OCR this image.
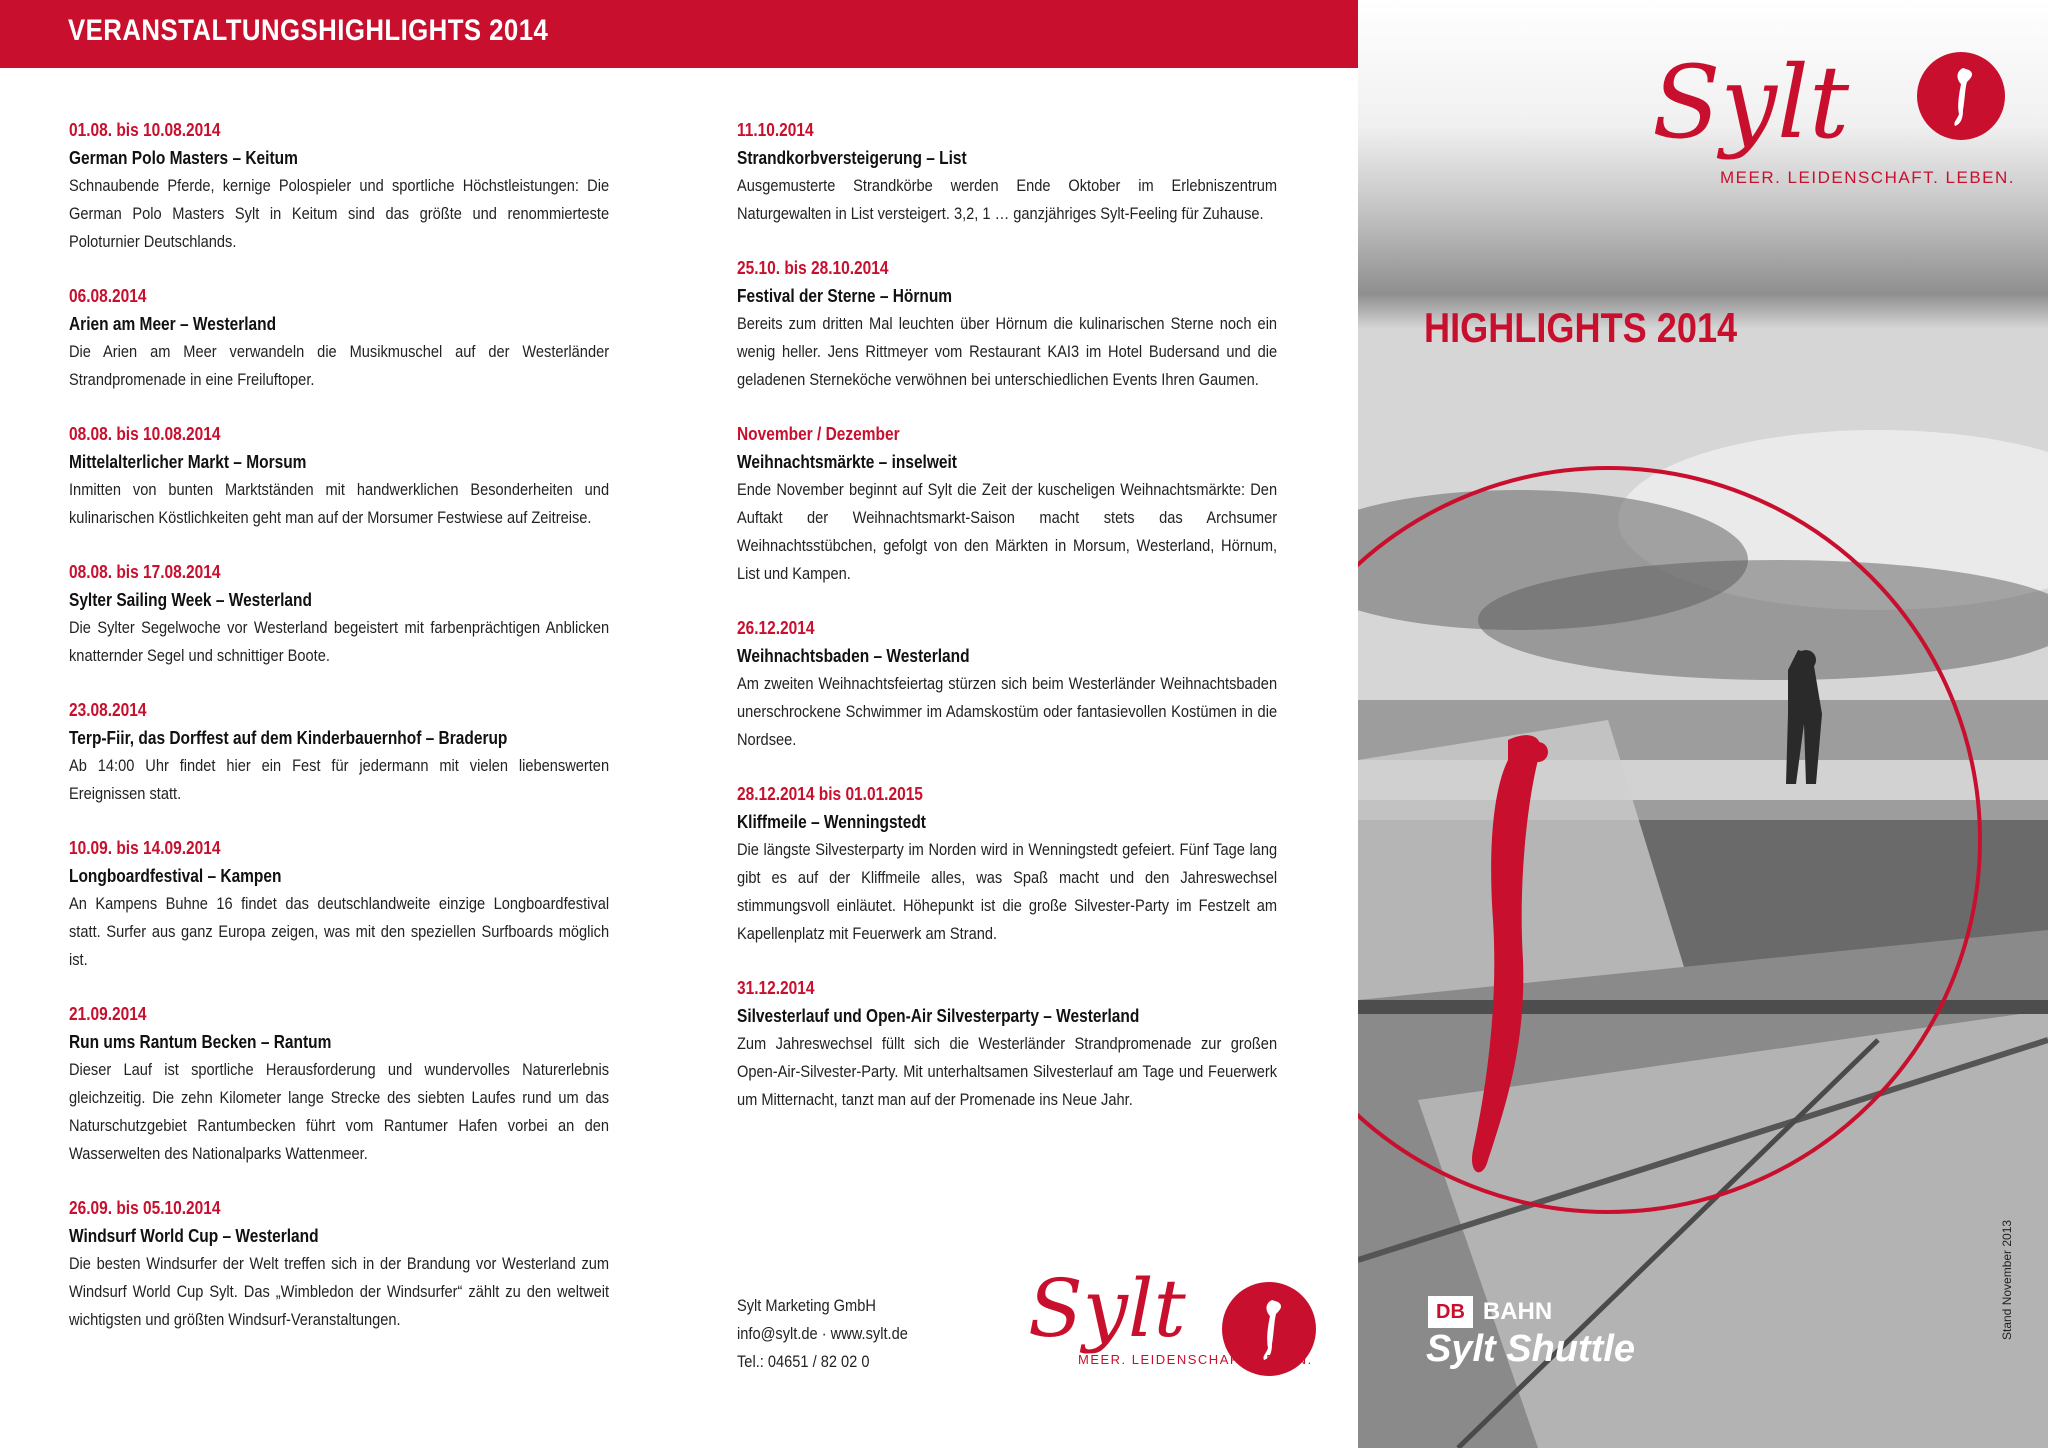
VERANSTALTUNGSHIGHLIGHTS 2014
01.08. bis 10.08.2014
German Polo Masters – Keitum
Schnaubende Pferde, kernige Polospieler und sportliche Höchstleistungen: Die German Polo Masters Sylt in Keitum sind das größte und renommierteste Poloturnier Deutschlands.
06.08.2014
Arien am Meer – Westerland
Die Arien am Meer verwandeln die Musikmuschel auf der Westerländer Strandpromenade in eine Freiluftoper.
08.08. bis 10.08.2014
Mittelalterlicher Markt – Morsum
Inmitten von bunten Marktständen mit handwerklichen Besonderheiten und kulinarischen Köstlichkeiten geht man auf der Morsumer Festwiese auf Zeitreise.
08.08. bis 17.08.2014
Sylter Sailing Week – Westerland
Die Sylter Segelwoche vor Westerland begeistert mit farbenprächtigen Anblicken knatternder Segel und schnittiger Boote.
23.08.2014
Terp-Fiir, das Dorffest auf dem Kinderbauernhof – Braderup
Ab 14:00 Uhr findet hier ein Fest für jedermann mit vielen liebenswerten Ereignissen statt.
10.09. bis 14.09.2014
Longboardfestival – Kampen
An Kampens Buhne 16 findet das deutschlandweite einzige Longboardfestival statt. Surfer aus ganz Europa zeigen, was mit den speziellen Surfboards möglich ist.
21.09.2014
Run ums Rantum Becken – Rantum
Dieser Lauf ist sportliche Herausforderung und wundervolles Naturerlebnis gleichzeitig. Die zehn Kilometer lange Strecke des siebten Laufes rund um das Naturschutzgebiet Rantumbecken führt vom Rantumer Hafen vorbei an den Wasserwelten des Nationalparks Wattenmeer.
26.09. bis 05.10.2014
Windsurf World Cup – Westerland
Die besten Windsurfer der Welt treffen sich in der Brandung vor Westerland zum Windsurf World Cup Sylt. Das „Wimbledon der Windsurfer“ zählt zu den weltweit wichtigsten und größten Windsurf-Veranstaltungen.
11.10.2014
Strandkorbversteigerung – List
Ausgemusterte Strandkörbe werden Ende Oktober im Erlebniszentrum Naturgewalten in List versteigert. 3,2, 1 … ganzjähriges Sylt-Feeling für Zuhause.
25.10. bis 28.10.2014
Festival der Sterne – Hörnum
Bereits zum dritten Mal leuchten über Hörnum die kulinarischen Sterne noch ein wenig heller. Jens Rittmeyer vom Restaurant KAI3 im Hotel Budersand und die geladenen Sterneköche verwöhnen bei unterschiedlichen Events Ihren Gaumen.
November / Dezember
Weihnachtsmärkte – inselweit
Ende November beginnt auf Sylt die Zeit der kuscheligen Weihnachtsmärkte: Den Auftakt der Weihnachtsmarkt-Saison macht stets das Archsumer Weihnachtsstübchen, gefolgt von den Märkten in Morsum, Westerland, Hörnum, List und Kampen.
26.12.2014
Weihnachtsbaden – Westerland
Am zweiten Weihnachtsfeiertag stürzen sich beim Westerländer Weihnachtsbaden unerschrockene Schwimmer im Adamskostüm oder fantasievollen Kostümen in die Nordsee.
28.12.2014 bis 01.01.2015
Kliffmeile – Wenningstedt
Die längste Silvesterparty im Norden wird in Wenningstedt gefeiert. Fünf Tage lang gibt es auf der Kliffmeile alles, was Spaß macht und den Jahreswechsel stimmungsvoll einläutet. Höhepunkt ist die große Silvester-Party im Festzelt am Kapellenplatz mit Feuerwerk am Strand.
31.12.2014
Silvesterlauf und Open-Air Silvesterparty – Westerland
Zum Jahreswechsel füllt sich die Westerländer Strandpromenade zur großen Open-Air-Silvester-Party. Mit unterhaltsamen Silvesterlauf am Tage und Feuerwerk um Mitternacht, tanzt man auf der Promenade ins Neue Jahr.
Sylt Marketing GmbH
info@sylt.de · www.sylt.de
Tel.: 04651 / 82 02 0
Sylt
MEER. LEIDENSCHAFT. LEBEN.
Sylt
MEER. LEIDENSCHAFT. LEBEN.
HIGHLIGHTS 2014
DB BAHN
Sylt Shuttle
Stand November 2013
